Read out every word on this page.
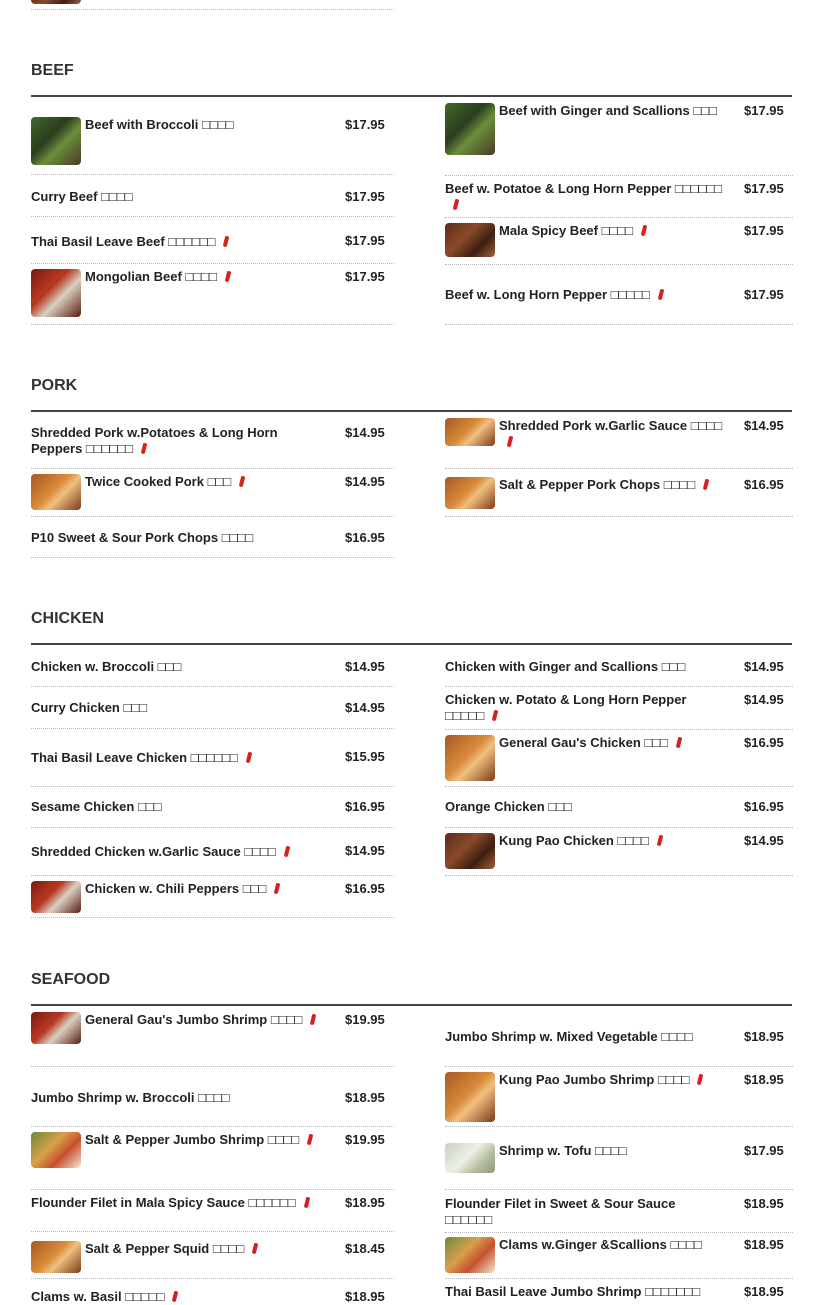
BEEF
Beef with Broccoli □□□□	$17.95
Curry Beef □□□□	$17.95
Thai Basil Leave Beef □□□□□□	$17.95
Mongolian Beef □□□□	$17.95
Beef with Ginger and Scallions □□□ $17.95
Beef w. Potatoe & Long Horn Pepper □□□□□□ $17.95
Mala Spicy Beef □□□□	$17.95
Beef w. Long Horn Pepper □□□□□	$17.95
PORK
Shredded Pork w.Potatoes & Long Horn Peppers □□□□□□
$14.95
Twice Cooked Pork □□□	$14.95
P10 Sweet & Sour Pork Chops □□□□	$16.95
Shredded Pork w.Garlic Sauce □□□□ $14.95
Salt & Pepper Pork Chops □□□□	$16.95
CHICKEN
Chicken w. Broccoli □□□	$14.95
Curry Chicken □□□	$14.95
Thai Basil Leave Chicken □□□□□□	$15.95
Sesame Chicken □□□	$16.95
Shredded Chicken w.Garlic Sauce □□□□	$14.95
Chicken w. Chili Peppers □□□	$16.95
Chicken with Ginger and Scallions □□□	$14.95
Chicken w. Potato & Long Horn Pepper □□□□□
$14.95
General Gau's Chicken □□□	$16.95
Orange Chicken □□□	$16.95
Kung Pao Chicken □□□□	$14.95
SEAFOOD
General Gau's Jumbo Shrimp □□□□	$19.95
Jumbo Shrimp w. Broccoli □□□□	$18.95
Salt & Pepper Jumbo Shrimp □□□□	$19.95
Flounder Filet in Mala Spicy Sauce □□□□□□	$18.95
Salt & Pepper Squid □□□□	$18.45
Clams w. Basil □□□□□	$18.95
Jumbo Shrimp w. Mixed Vegetable □□□□	$18.95
Kung Pao Jumbo Shrimp □□□□	$18.95
Shrimp w. Tofu □□□□	$17.95
Flounder Filet in Sweet & Sour Sauce □□□□□□
$18.95
Clams w.Ginger &Scallions □□□□	$18.95
Thai Basil Leave Jumbo Shrimp □□□□□□□	$18.95
